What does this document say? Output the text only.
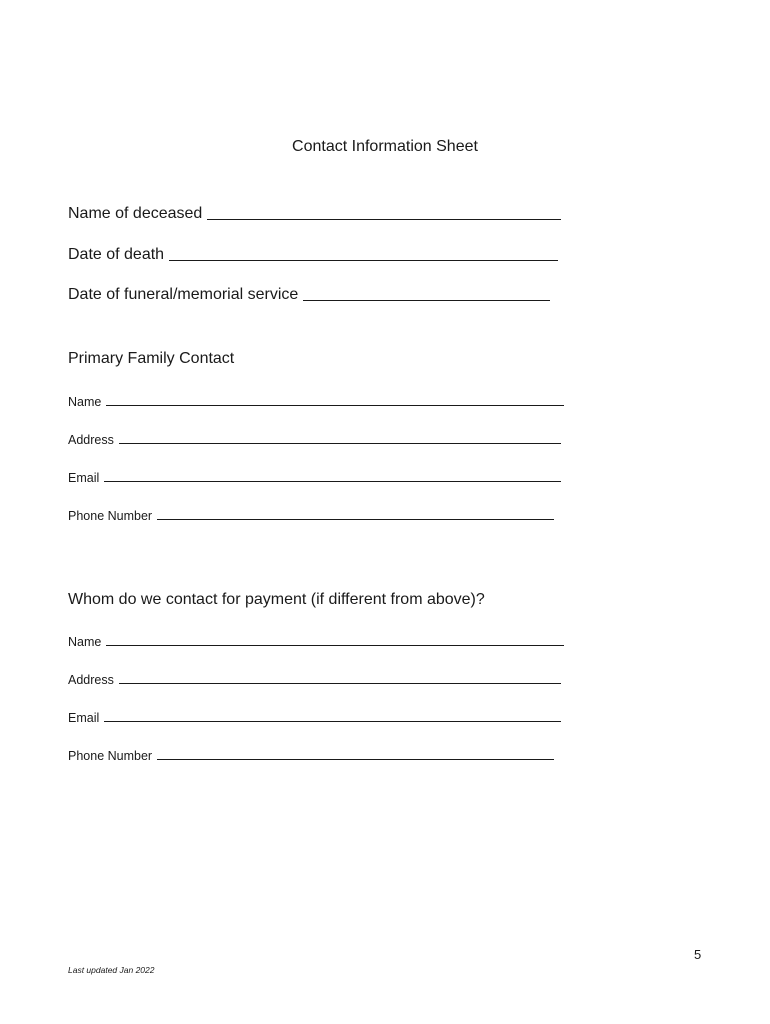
Contact Information Sheet
Name of deceased
Date of death
Date of funeral/memorial service
Primary Family Contact
Name
Address
Email
Phone Number
Whom do we contact for payment (if different from above)?
Name
Address
Email
Phone Number
5
Last updated Jan 2022
